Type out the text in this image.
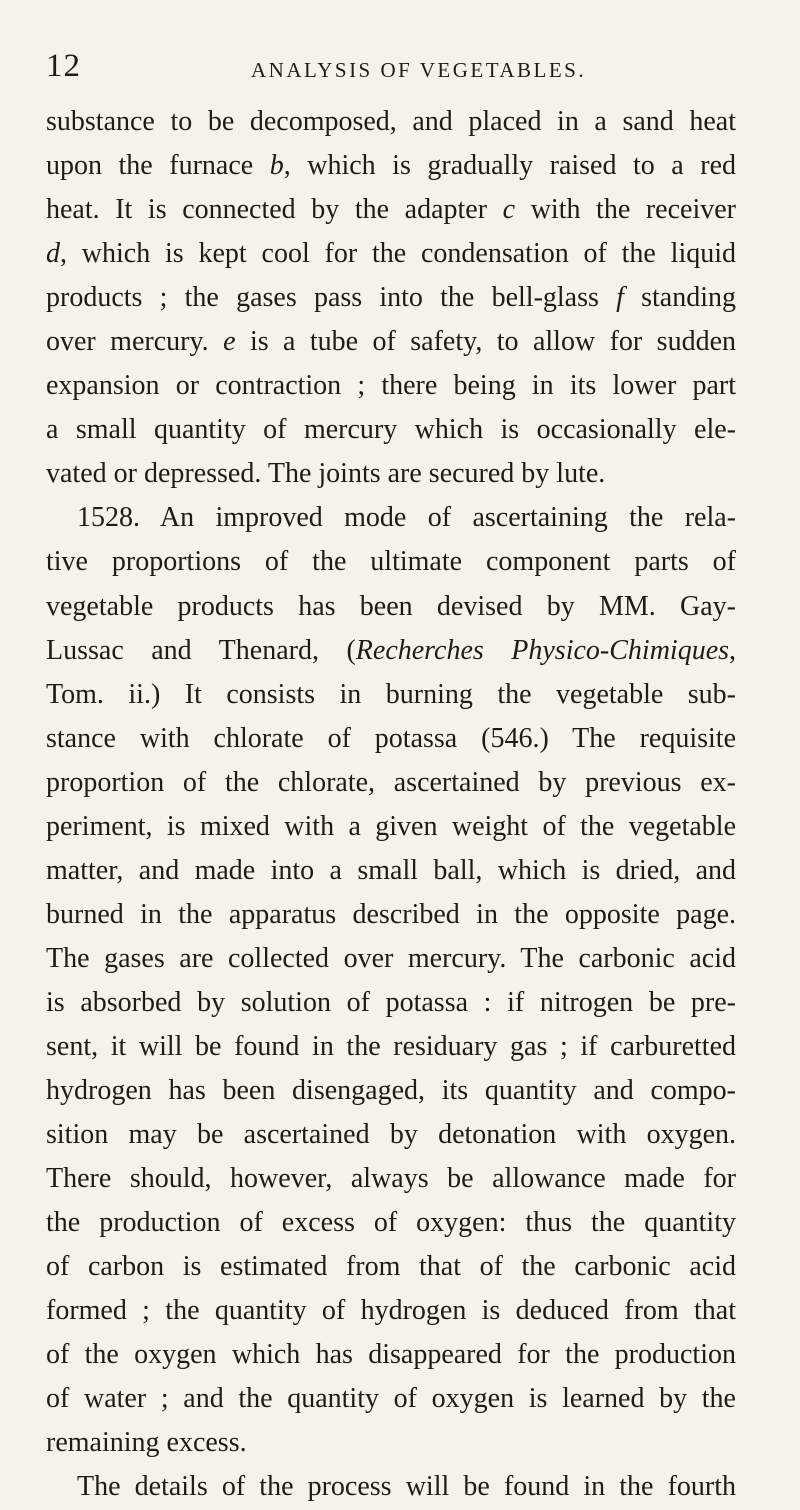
12	ANALYSIS OF VEGETABLES.
substance to be decomposed, and placed in a sand heat
upon the furnace b, which is gradually raised to a red
heat. It is connected by the adapter c with the receiver
d, which is kept cool for the condensation of the liquid
products ; the gases pass into the bell-glass f standing
over mercury. e is a tube of safety, to allow for sudden
expansion or contraction ; there being in its lower part
a small quantity of mercury which is occasionally ele-
vated or depressed. The joints are secured by lute.
1528. An improved mode of ascertaining the rela-
tive proportions of the ultimate component parts of
vegetable products has been devised by MM. Gay-
Lussac and Thenard, (Recherches Physico-Chimiques,
Tom. ii.) It consists in burning the vegetable sub-
stance with chlorate of potassa (546.) The requisite
proportion of the chlorate, ascertained by previous ex-
periment, is mixed with a given weight of the vegetable
matter, and made into a small ball, which is dried, and
burned in the apparatus described in the opposite page.
The gases are collected over mercury. The carbonic acid
is absorbed by solution of potassa : if nitrogen be pre-
sent, it will be found in the residuary gas ; if carburetted
hydrogen has been disengaged, its quantity and compo-
sition may be ascertained by detonation with oxygen.
There should, however, always be allowance made for
the production of excess of oxygen: thus the quantity
of carbon is estimated from that of the carbonic acid
formed ; the quantity of hydrogen is deduced from that
of the oxygen which has disappeared for the production
of water ; and the quantity of oxygen is learned by the
remaining excess.
The details of the process will be found in the fourth
